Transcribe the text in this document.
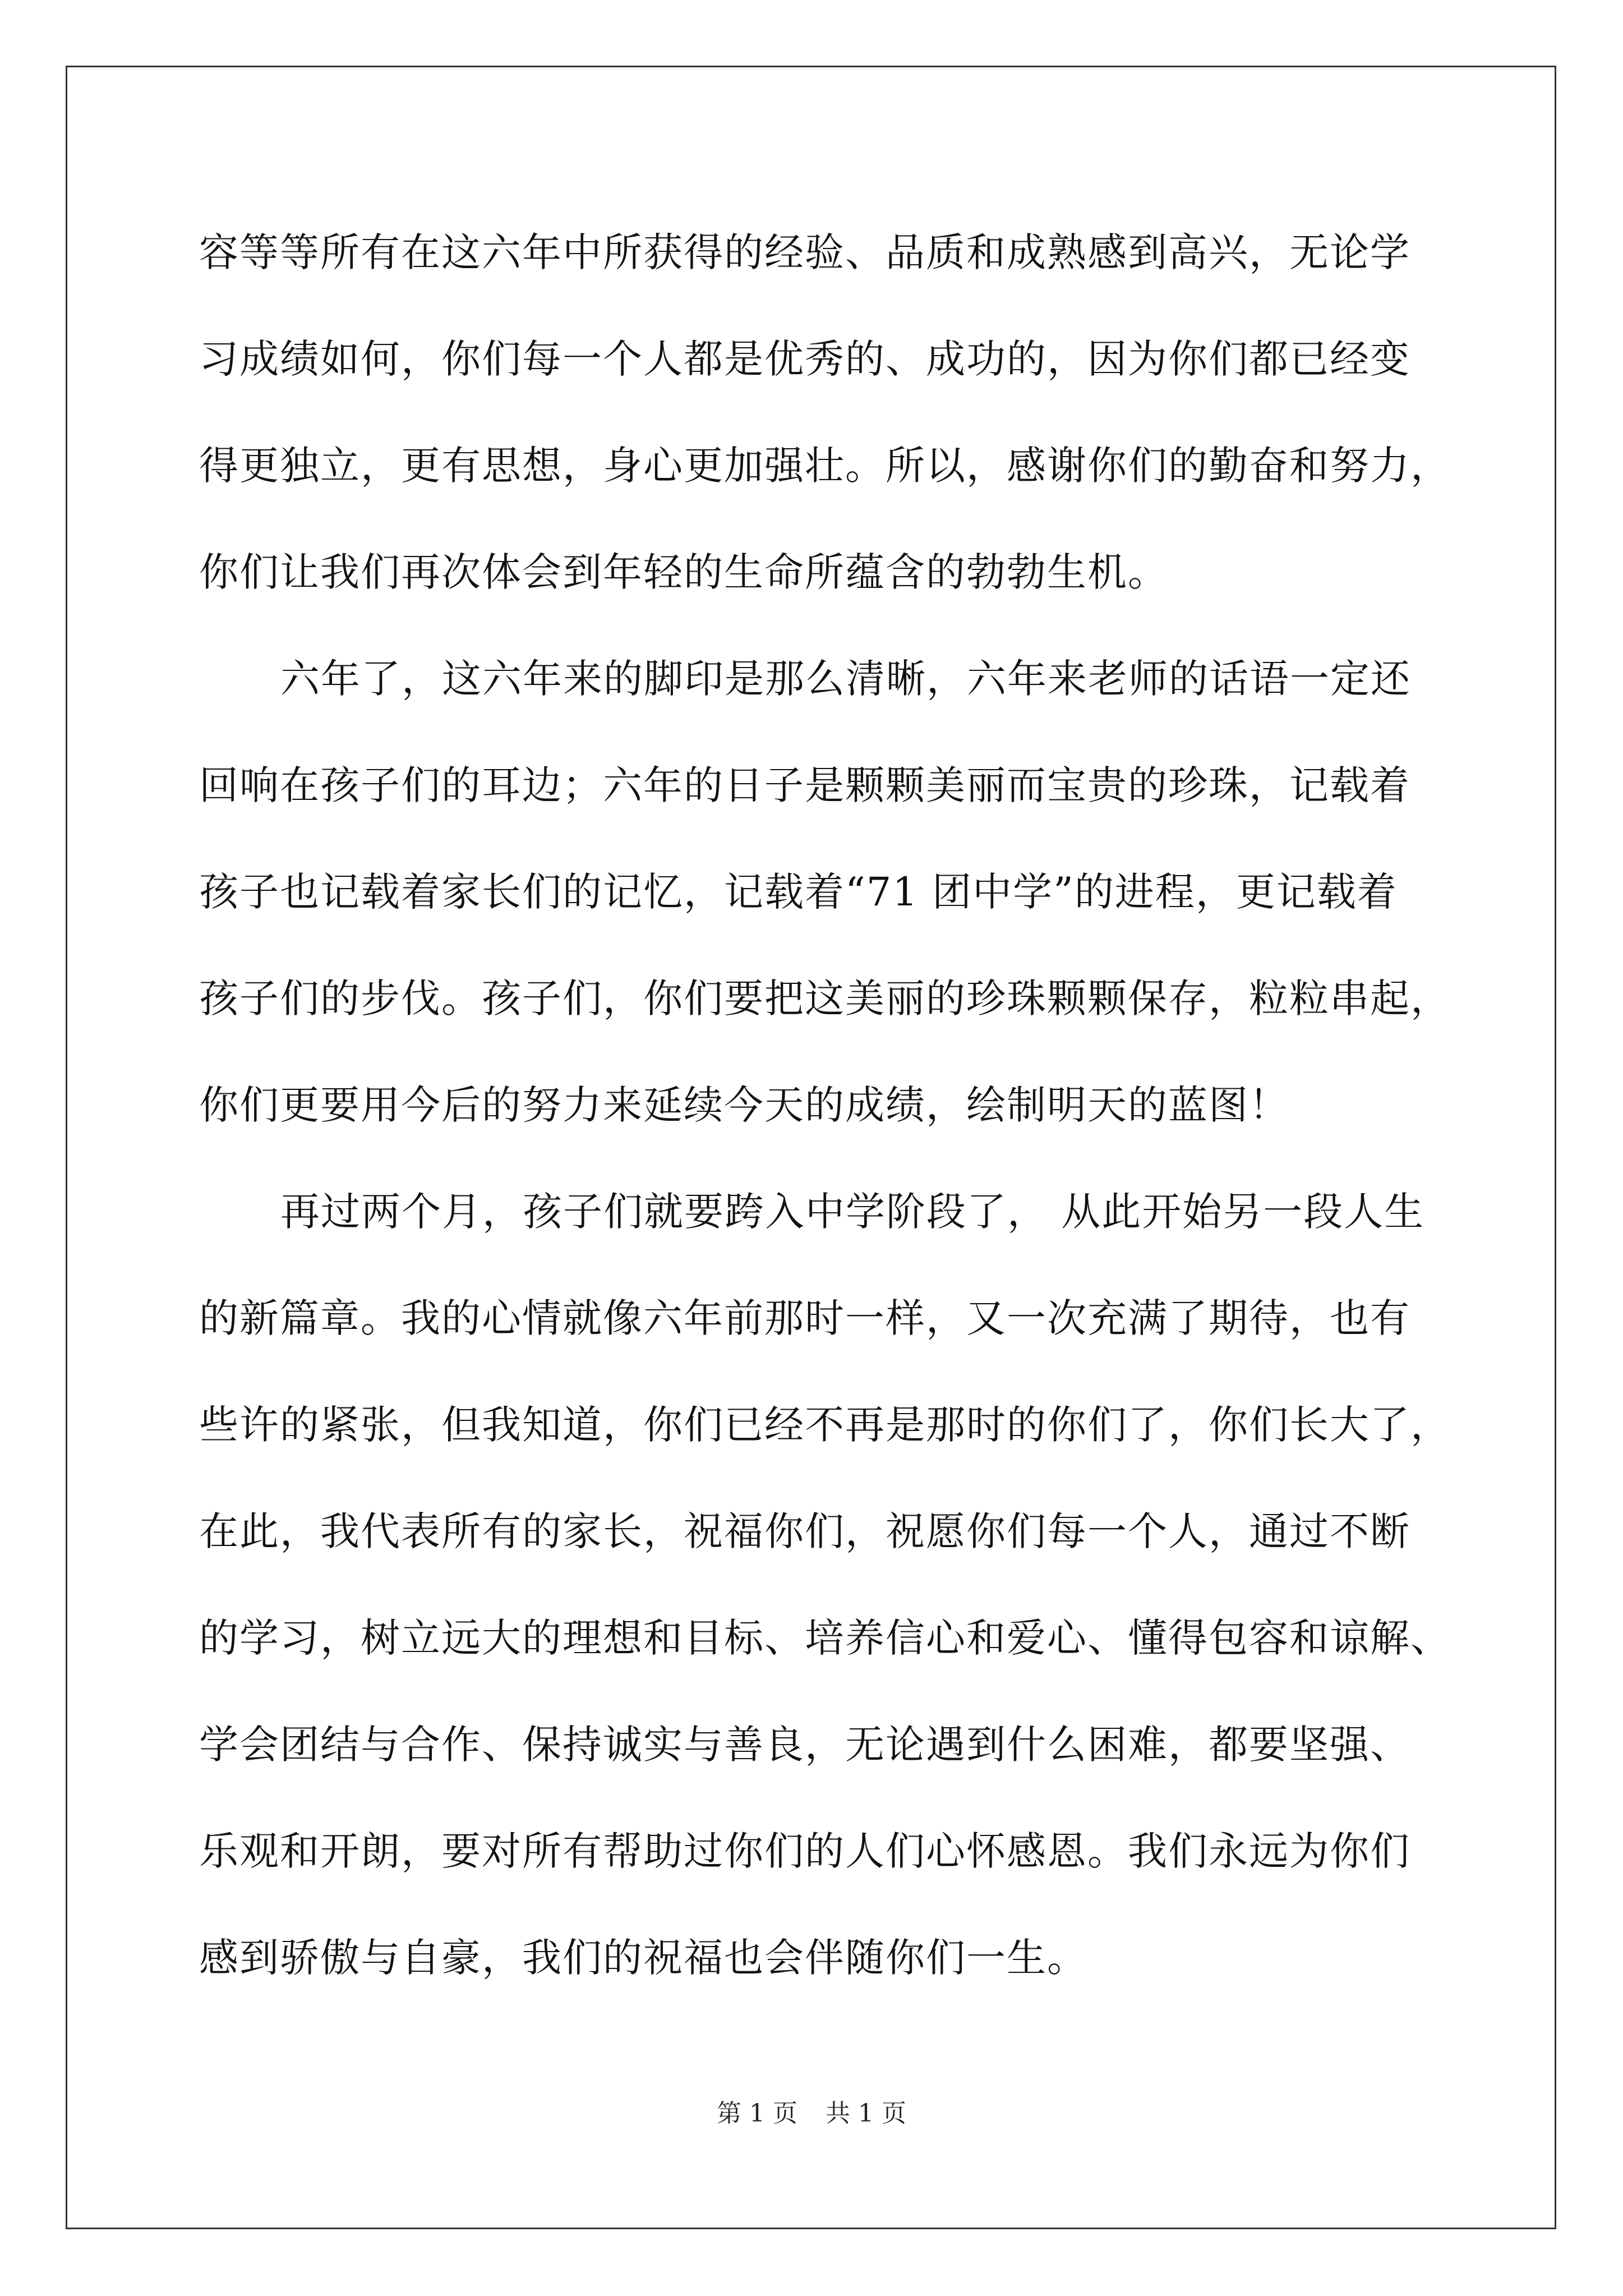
容等等所有在这六年中所获得的经验、品质和成熟感到高兴，无论学
习成绩如何，你们每一个人都是优秀的、成功的，因为你们都已经变
得更独立，更有思想，身心更加强壮。所以，感谢你们的勤奋和努力，
你们让我们再次体会到年轻的生命所蕴含的勃勃生机。
六年了，这六年来的脚印是那么清晰，六年来老师的话语一定还
回响在孩子们的耳边；六年的日子是颗颗美丽而宝贵的珍珠，记载着
孩子也记载着家长们的记忆，记载着“71 团中学”的进程，更记载着
孩子们的步伐。孩子们，你们要把这美丽的珍珠颗颗保存，粒粒串起，
你们更要用今后的努力来延续今天的成绩，绘制明天的蓝图！
再过两个月，孩子们就要跨入中学阶段了， 从此开始另一段人生
的新篇章。我的心情就像六年前那时一样，又一次充满了期待，也有
些许的紧张，但我知道，你们已经不再是那时的你们了，你们长大了，
在此，我代表所有的家长，祝福你们，祝愿你们每一个人，通过不断
的学习，树立远大的理想和目标、培养信心和爱心、懂得包容和谅解、
学会团结与合作、保持诚实与善良，无论遇到什么困难，都要坚强、
乐观和开朗，要对所有帮助过你们的人们心怀感恩。我们永远为你们
感到骄傲与自豪，我们的祝福也会伴随你们一生。
第 1 页 共 1 页
